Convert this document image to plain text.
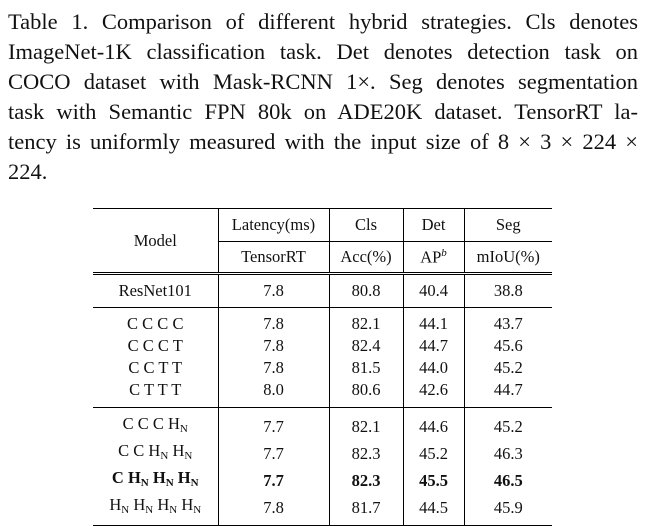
Table 1. Comparison of different hybrid strategies. Cls denotes
ImageNet-1K classification task. Det denotes detection task on
COCO dataset with Mask-RCNN 1×. Seg denotes segmentation
task with Semantic FPN 80k on ADE20K dataset. TensorRT la-
tency is uniformly measured with the input size of 8 × 3 × 224 ×
224.
Model	Latency(ms)	Cls	Det	Seg
	TensorRT	Acc(%)	$AP^b$	mIoU(%)
ResNet101	7.8	80.8	40.4	38.8
C C C C	7.8	82.1	44.1	43.7
C C C T	7.8	82.4	44.7	45.6
C C T T	7.8	81.5	44.0	45.2
C T T T	8.0	80.6	42.6	44.7
C C C $H_N$	7.7	82.1	44.6	45.2
C C $H_N$ $H_N$	7.7	82.3	45.2	46.3
C $H_N$ $H_N$ $H_N$	7.7	82.3	45.5	46.5
$H_N$ $H_N$ $H_N$ $H_N$	7.8	81.7	44.5	45.9
